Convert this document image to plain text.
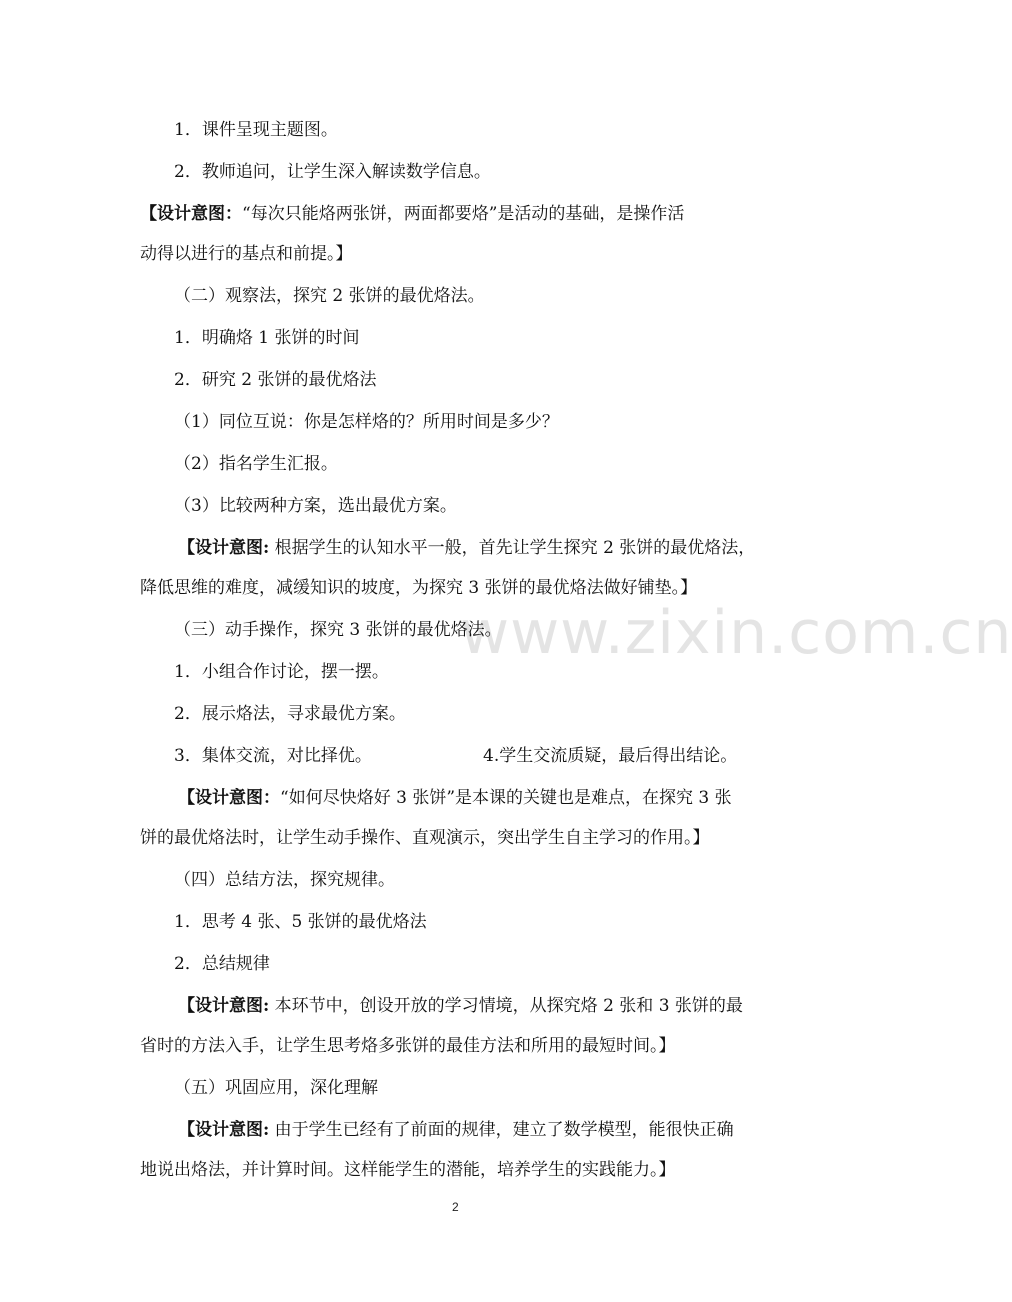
www.zixin.com.cn
1．课件呈现主题图。
2．教师追问，让学生深入解读数学信息。
【设计意图：“每次只能烙两张饼，两面都要烙”是活动的基础，是操作活
动得以进行的基点和前提。】
（二）观察法，探究 2 张饼的最优烙法。
1．明确烙 1 张饼的时间
2．研究 2 张饼的最优烙法
（1）同位互说：你是怎样烙的？所用时间是多少？
（2）指名学生汇报。
（3）比较两种方案，选出最优方案。
【设计意图: 根据学生的认知水平一般，首先让学生探究 2 张饼的最优烙法，
降低思维的难度，减缓知识的坡度，为探究 3 张饼的最优烙法做好铺垫。】
（三）动手操作，探究 3 张饼的最优烙法。
1．小组合作讨论，摆一摆。
2．展示烙法，寻求最优方案。
3．集体交流，对比择优。	4.学生交流质疑，最后得出结论。
【设计意图：“如何尽快烙好 3 张饼”是本课的关键也是难点，在探究 3 张
饼的最优烙法时，让学生动手操作、直观演示，突出学生自主学习的作用。】
（四）总结方法，探究规律。
1．思考 4 张、5 张饼的最优烙法
2．总结规律
【设计意图: 本环节中，创设开放的学习情境，从探究烙 2 张和 3 张饼的最
省时的方法入手，让学生思考烙多张饼的最佳方法和所用的最短时间。】
（五）巩固应用，深化理解
【设计意图: 由于学生已经有了前面的规律，建立了数学模型，能很快正确
地说出烙法，并计算时间。这样能学生的潜能，培养学生的实践能力。】
2
